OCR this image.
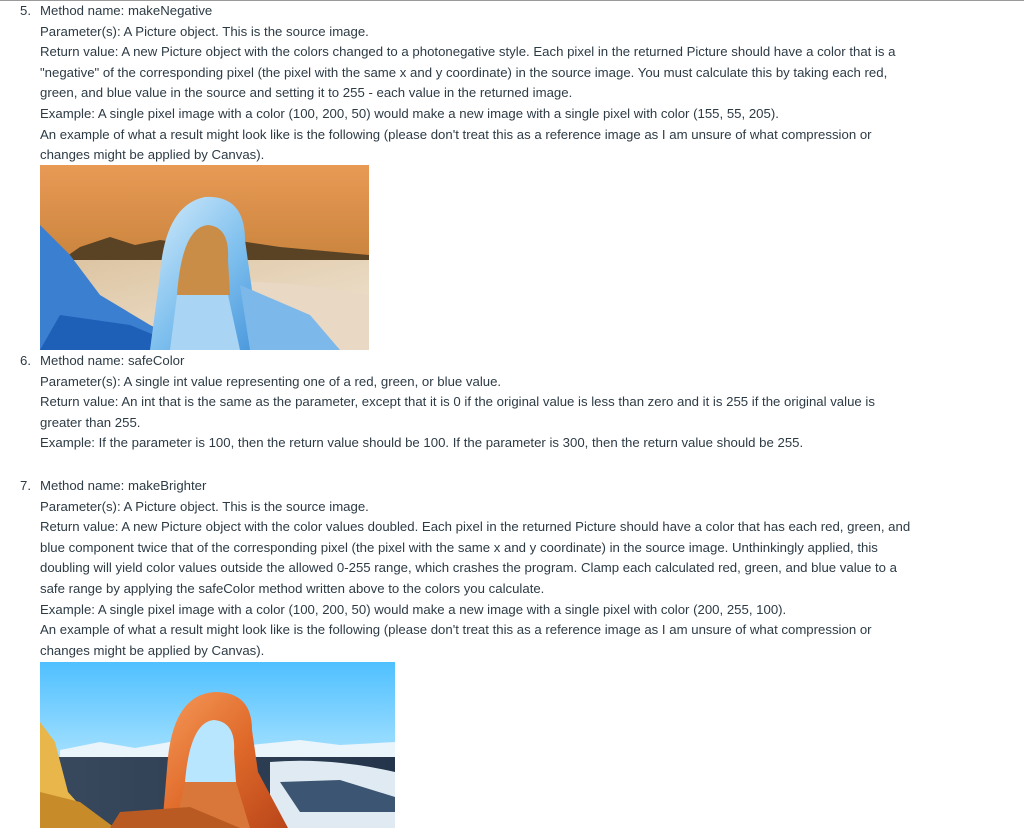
5. Method name: makeNegative
Parameter(s): A Picture object. This is the source image.
Return value: A new Picture object with the colors changed to a photonegative style. Each pixel in the returned Picture should have a color that is a "negative" of the corresponding pixel (the pixel with the same x and y coordinate) in the source image. You must calculate this by taking each red, green, and blue value in the source and setting it to 255 - each value in the returned image.
Example: A single pixel image with a color (100, 200, 50) would make a new image with a single pixel with color (155, 55, 205).
An example of what a result might look like is the following (please don't treat this as a reference image as I am unsure of what compression or changes might be applied by Canvas).
6. Method name: safeColor
Parameter(s): A single int value representing one of a red, green, or blue value.
Return value: An int that is the same as the parameter, except that it is 0 if the original value is less than zero and it is 255 if the original value is greater than 255.
Example: If the parameter is 100, then the return value should be 100. If the parameter is 300, then the return value should be 255.
7. Method name: makeBrighter
Parameter(s): A Picture object. This is the source image.
Return value: A new Picture object with the color values doubled. Each pixel in the returned Picture should have a color that has each red, green, and blue component twice that of the corresponding pixel (the pixel with the same x and y coordinate) in the source image. Unthinkingly applied, this doubling will yield color values outside the allowed 0-255 range, which crashes the program. Clamp each calculated red, green, and blue value to a safe range by applying the safeColor method written above to the colors you calculate.
Example: A single pixel image with a color (100, 200, 50) would make a new image with a single pixel with color (200, 255, 100).
An example of what a result might look like is the following (please don't treat this as a reference image as I am unsure of what compression or changes might be applied by Canvas).
